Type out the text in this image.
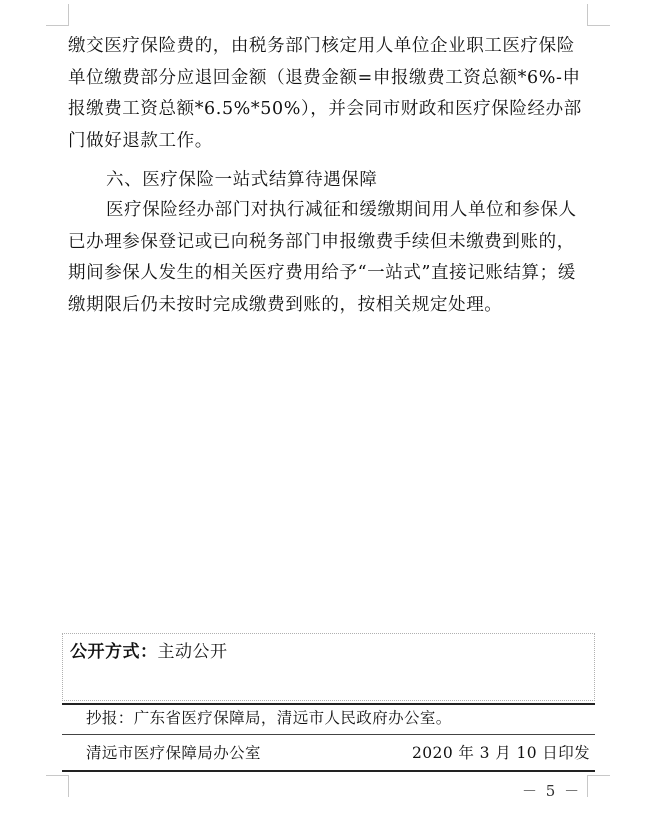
缴交医疗保险费的，由税务部门核定用人单位企业职工医疗保险单位缴费部分应退回金额（退费金额=申报缴费工资总额*6%-申报缴费工资总额*6.5%*50%），并会同市财政和医疗保险经办部门做好退款工作。

六、医疗保险一站式结算待遇保障

医疗保险经办部门对执行减征和缓缴期间用人单位和参保人已办理参保登记或已向税务部门申报缴费手续但未缴费到账的，期间参保人发生的相关医疗费用给予“一站式”直接记账结算；缓缴期限后仍未按时完成缴费到账的，按相关规定处理。

公开方式：主动公开
抄报：广东省医疗保障局，清远市人民政府办公室。
清远市医疗保障局办公室	2020 年 3 月 10 日印发
－ 5 －
